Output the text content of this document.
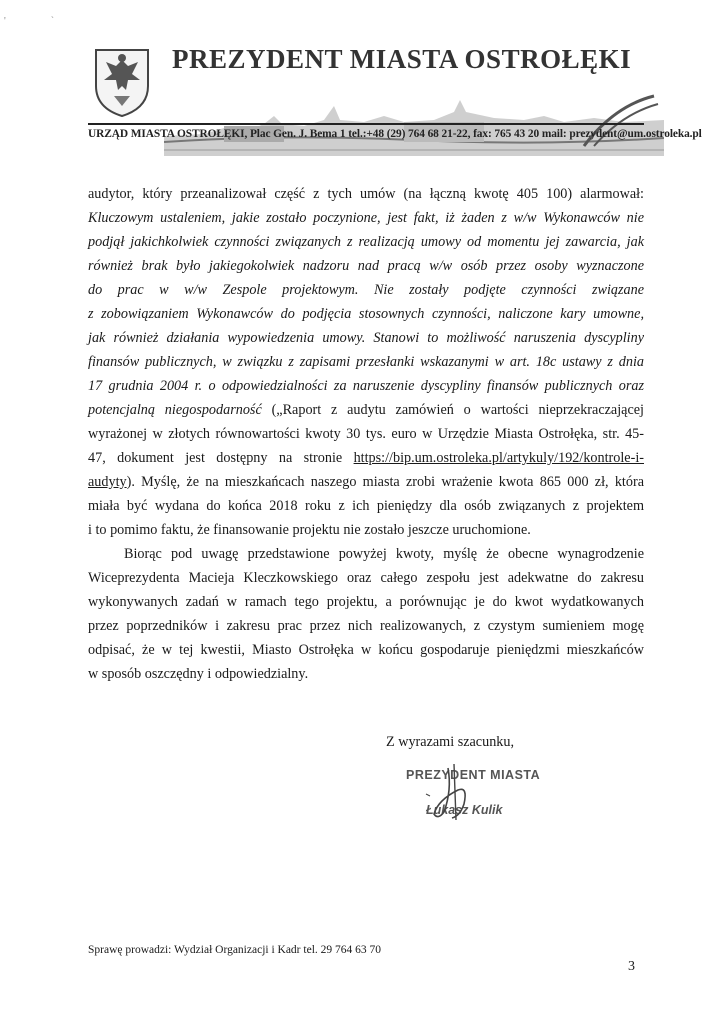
'                  `
PREZYDENT MIASTA OSTROŁĘKI
URZĄD MIASTA OSTROŁĘKI, Plac Gen. J. Bema 1 tel.:+48 (29) 764 68 21-22, fax: 765 43 20 mail: prezydent@um.ostroleka.pl
audytor, który przeanalizował część z tych umów (na łączną kwotę 405 100) alarmował:
Kluczowym ustaleniem, jakie zostało poczynione, jest fakt, iż żaden z w/w Wykonawców nie
podjął jakichkolwiek czynności związanych z realizacją umowy od momentu jej zawarcia, jak
również brak było jakiegokolwiek nadzoru nad pracą w/w osób przez osoby wyznaczone
do prac w w/w Zespole projektowym. Nie zostały podjęte czynności związane
z zobowiązaniem Wykonawców do podjęcia stosownych czynności, naliczone kary umowne,
jak również działania wypowiedzenia umowy. Stanowi to możliwość naruszenia dyscypliny
finansów publicznych, w związku z zapisami przesłanki wskazanymi w art. 18c ustawy z dnia
17 grudnia 2004 r. o odpowiedzialności za naruszenie dyscypliny finansów publicznych oraz
potencjalną niegospodarność („Raport z audytu zamówień o wartości nieprzekraczającej
wyrażonej w złotych równowartości kwoty 30 tys. euro w Urzędzie Miasta Ostrołęka, str. 45-
47, dokument jest dostępny na stronie https://bip.um.ostroleka.pl/artykuly/192/kontrole-i-
audyty). Myślę, że na mieszkańcach naszego miasta zrobi wrażenie kwota 865 000 zł, która
miała być wydana do końca 2018 roku z ich pieniędzy dla osób związanych z projektem
i to pomimo faktu, że finansowanie projektu nie zostało jeszcze uruchomione.
Biorąc pod uwagę przedstawione powyżej kwoty, myślę że obecne wynagrodzenie
Wiceprezydenta Macieja Kleczkowskiego oraz całego zespołu jest adekwatne do zakresu
wykonywanych zadań w ramach tego projektu, a porównując je do kwot wydatkowanych
przez poprzedników i zakresu prac przez nich realizowanych, z czystym sumieniem mogę
odpisać, że w tej kwestii, Miasto Ostrołęka w końcu gospodaruje pieniędzmi mieszkańców
w sposób oszczędny i odpowiedzialny.
Z wyrazami szacunku,
PREZYDENT MIASTA
Łukasz Kulik
Sprawę prowadzi: Wydział Organizacji i Kadr tel. 29 764 63 70
3
